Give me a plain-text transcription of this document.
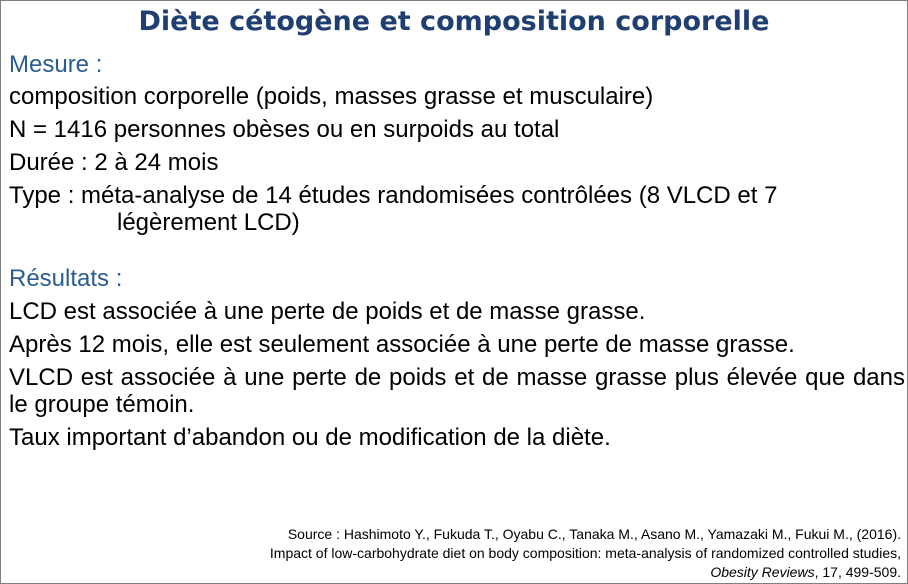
Diète cétogène et composition corporelle

Mesure :

composition corporelle (poids, masses grasse et musculaire)

N = 1416 personnes obèses ou en surpoids au total

Durée : 2 à 24 mois

Type : méta-analyse de 14 études randomisées contrôlées (8 VLCD et 7
légèrement LCD)

Résultats :

LCD est associée à une perte de poids et de masse grasse.

Après 12 mois, elle est seulement associée à une perte de masse grasse.

VLCD est associée à une perte de poids et de masse grasse plus élevée que dans le groupe témoin.

Taux important d’abandon ou de modification de la diète.

Source : Hashimoto Y., Fukuda T., Oyabu C., Tanaka M., Asano M., Yamazaki M., Fukui M., (2016).
Impact of low-carbohydrate diet on body composition: meta-analysis of randomized controlled studies,
Obesity Reviews, 17, 499-509.
